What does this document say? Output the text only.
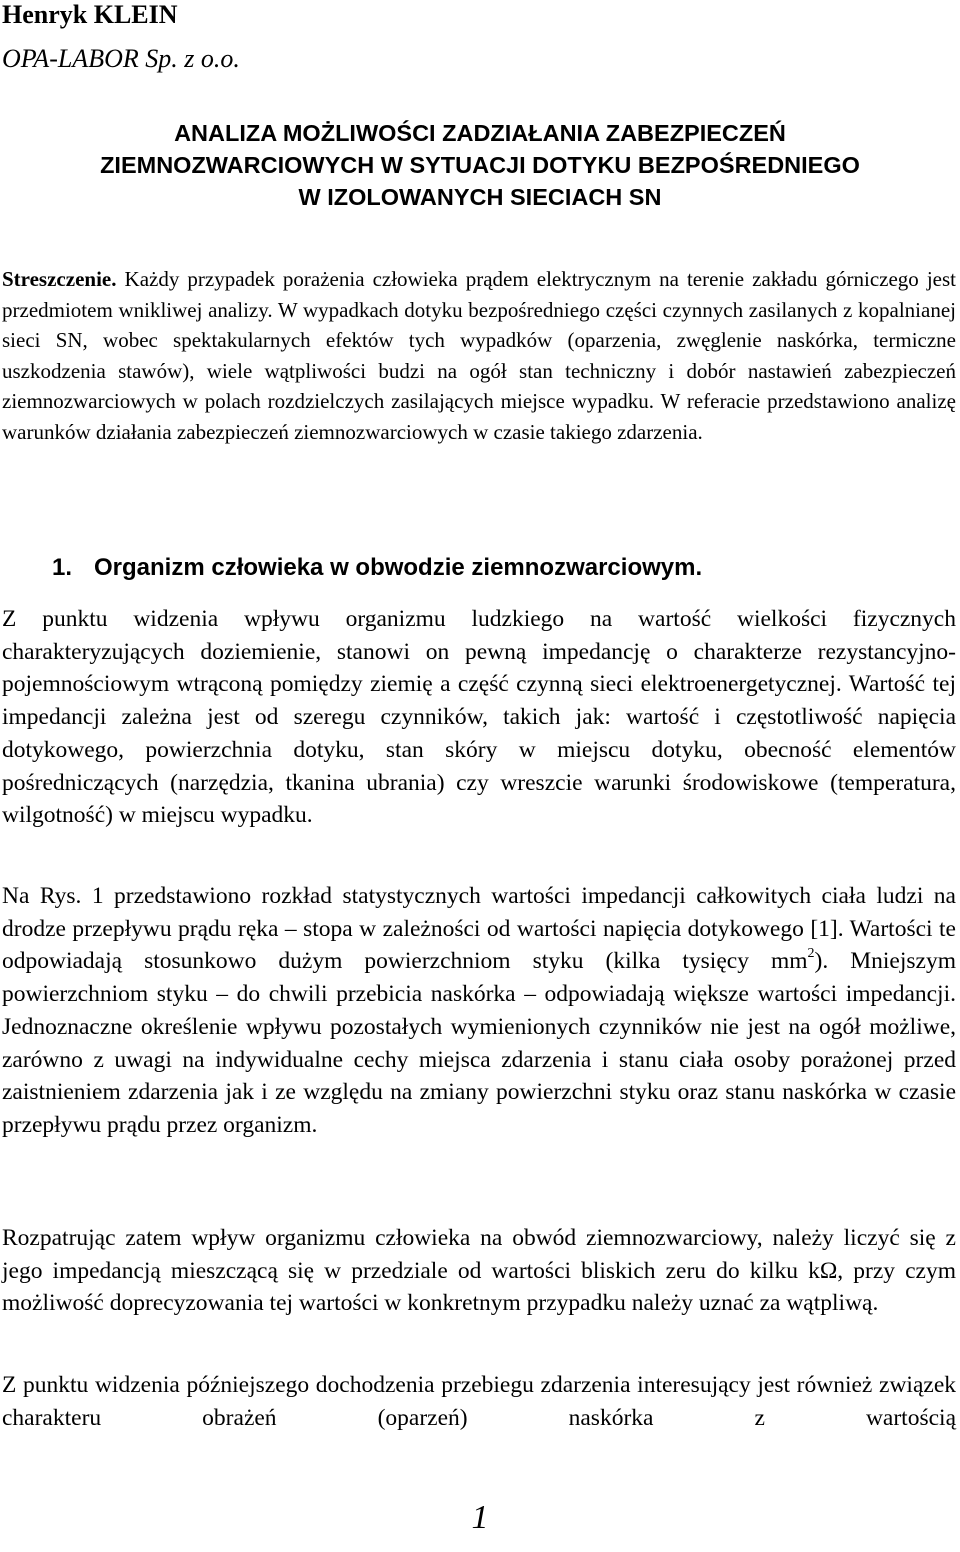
Henryk KLEIN

OPA-LABOR Sp. z o.o.

ANALIZA MOŻLIWOŚCI ZADZIAŁANIA ZABEZPIECZEŃ
ZIEMNOZWARCIOWYCH W SYTUACJI DOTYKU BEZPOŚREDNIEGO
W IZOLOWANYCH SIECIACH SN

Streszczenie. Każdy przypadek porażenia człowieka prądem elektrycznym na terenie zakładu górniczego jest przedmiotem wnikliwej analizy. W wypadkach dotyku bezpośredniego części czynnych zasilanych z kopalnianej sieci SN, wobec spektakularnych efektów tych wypadków (oparzenia, zwęglenie naskórka, termiczne uszkodzenia stawów), wiele wątpliwości budzi na ogół stan techniczny i dobór nastawień zabezpieczeń ziemnozwarciowych w polach rozdzielczych zasilających miejsce wypadku. W referacie przedstawiono analizę warunków działania zabezpieczeń ziemnozwarciowych w czasie takiego zdarzenia.

1. Organizm człowieka w obwodzie ziemnozwarciowym.

Z punktu widzenia wpływu organizmu ludzkiego na wartość wielkości fizycznych charakteryzujących doziemienie, stanowi on pewną impedancję o charakterze rezystancyjno-pojemnościowym wtrąconą pomiędzy ziemię a część czynną sieci elektroenergetycznej. Wartość tej impedancji zależna jest od szeregu czynników, takich jak: wartość i częstotliwość napięcia dotykowego, powierzchnia dotyku, stan skóry w miejscu dotyku, obecność elementów pośredniczących (narzędzia, tkanina ubrania) czy wreszcie warunki środowiskowe (temperatura, wilgotność) w miejscu wypadku.

Na Rys. 1 przedstawiono rozkład statystycznych wartości impedancji całkowitych ciała ludzi na drodze przepływu prądu ręka – stopa w zależności od wartości napięcia dotykowego [1]. Wartości te odpowiadają stosunkowo dużym powierzchniom styku (kilka tysięcy $mm^2$). Mniejszym powierzchniom styku – do chwili przebicia naskórka – odpowiadają większe wartości impedancji. Jednoznaczne określenie wpływu pozostałych wymienionych czynników nie jest na ogół możliwe, zarówno z uwagi na indywidualne cechy miejsca zdarzenia i stanu ciała osoby porażonej przed zaistnieniem zdarzenia jak i ze względu na zmiany powierzchni styku oraz stanu naskórka w czasie przepływu prądu przez organizm.

Rozpatrując zatem wpływ organizmu człowieka na obwód ziemnozwarciowy, należy liczyć się z jego impedancją mieszczącą się w przedziale od wartości bliskich zeru do kilku kΩ, przy czym możliwość doprecyzowania tej wartości w konkretnym przypadku należy uznać za wątpliwą.

Z punktu widzenia późniejszego dochodzenia przebiegu zdarzenia interesujący jest również związek charakteru obrażeń (oparzeń) naskórka z wartością

1
